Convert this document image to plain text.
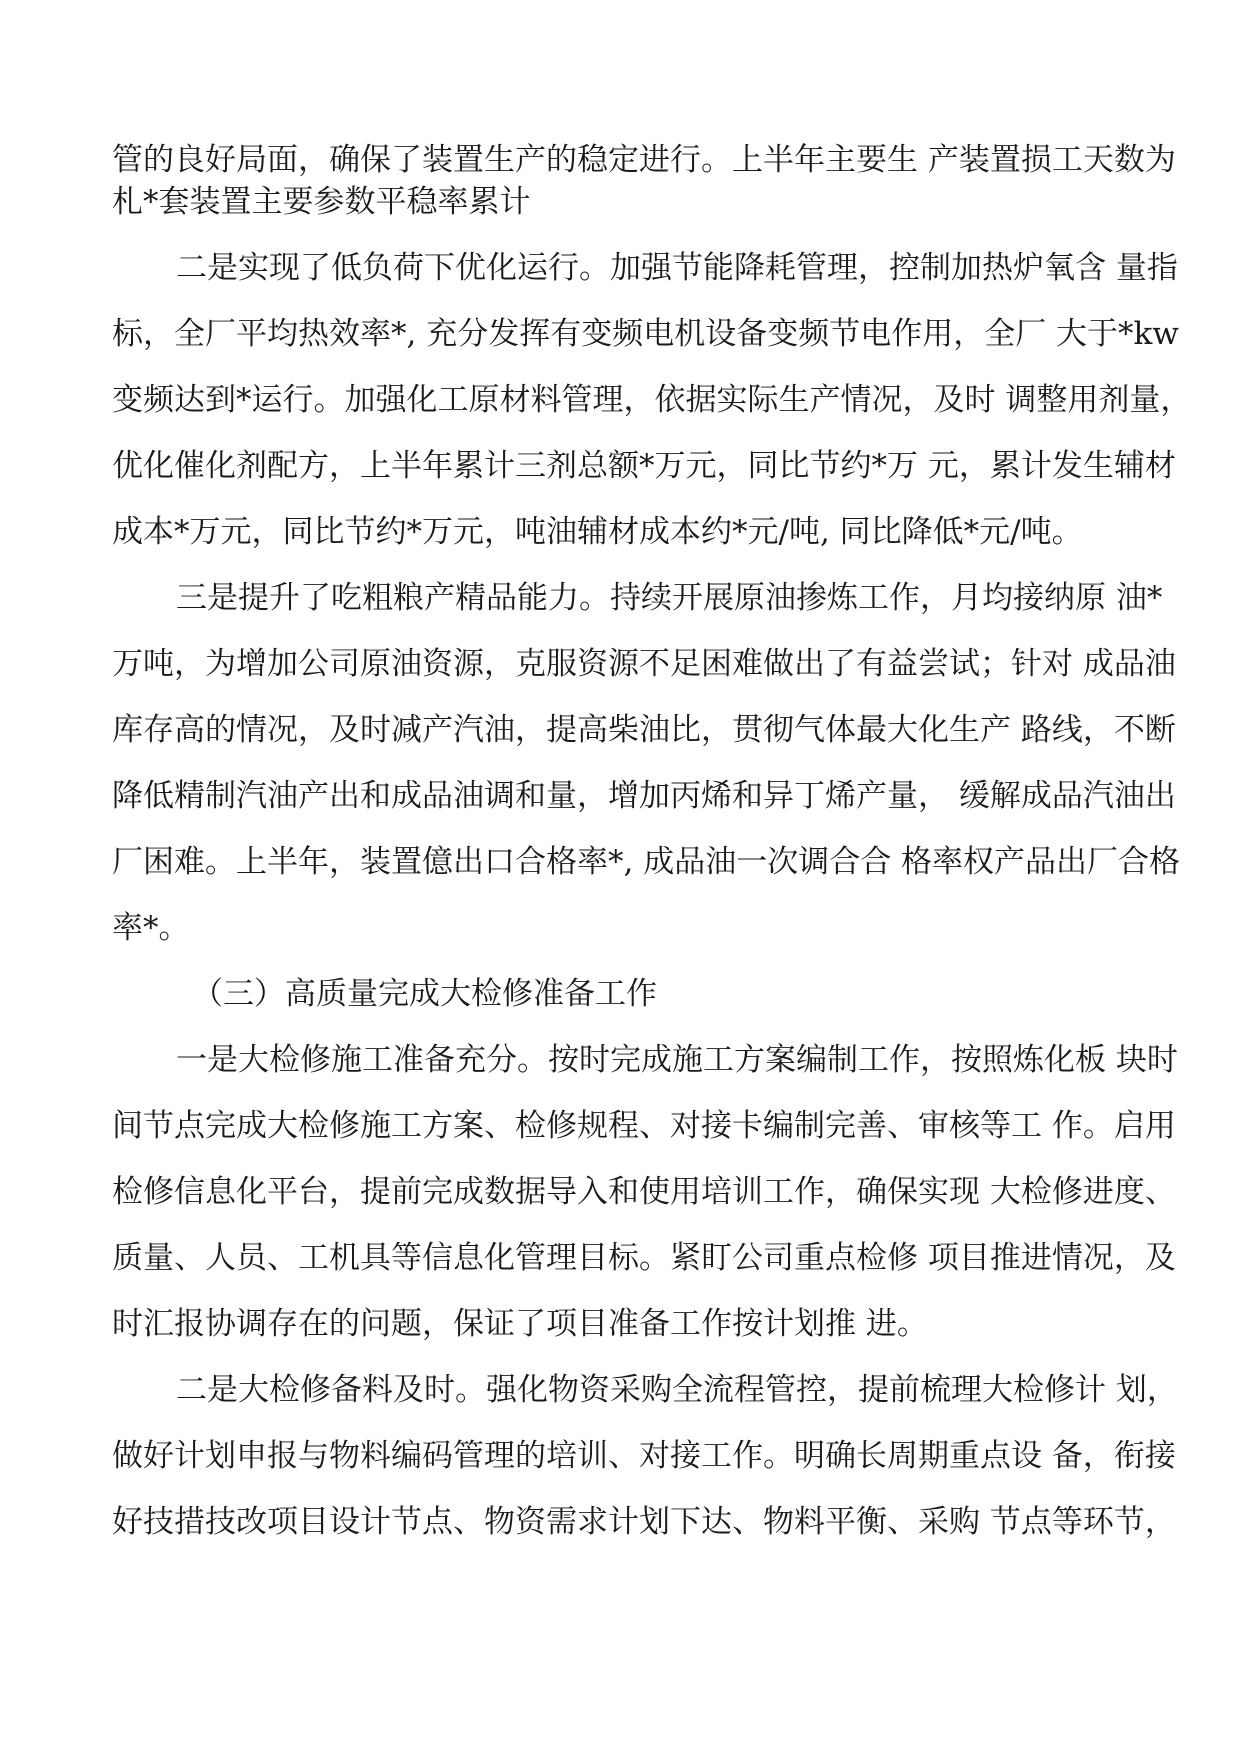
管的良好局面，确保了装置生产的稳定进行。上半年主要生 产装置损工天数为
札*套装置主要参数平稳率累计
二是实现了低负荷下优化运行。加强节能降耗管理，控制加热炉氧含 量指
标，全厂平均热效率*, 充分发挥有变频电机设备变频节电作用，全厂 大于*kw
变频达到*运行。加强化工原材料管理，依据实际生产情况，及时 调整用剂量，
优化催化剂配方，上半年累计三剂总额*万元，同比节约*万 元，累计发生辅材
成本*万元，同比节约*万元，吨油辅材成本约*元/吨, 同比降低*元/吨。
三是提升了吃粗粮产精品能力。持续开展原油掺炼工作，月均接纳原 油*
万吨，为增加公司原油资源，克服资源不足困难做出了有益尝试；针对 成品油
库存高的情况，及时减产汽油，提高柴油比，贯彻气体最大化生产 路线，不断
降低精制汽油产出和成品油调和量，增加丙烯和异丁烯产量， 缓解成品汽油出
厂困难。上半年，装置億出口合格率*, 成品油一次调合合 格率权产品出厂合格
率*。
（三）高质量完成大检修准备工作
一是大检修施工准备充分。按时完成施工方案编制工作，按照炼化板 块时
间节点完成大检修施工方案、检修规程、对接卡编制完善、审核等工 作。启用
检修信息化平台，提前完成数据导入和使用培训工作，确保实现 大检修进度、
质量、人员、工机具等信息化管理目标。紧盯公司重点检修 项目推进情况，及
时汇报协调存在的问题，保证了项目准备工作按计划推 进。
二是大检修备料及时。强化物资采购全流程管控，提前梳理大检修计 划，
做好计划申报与物料编码管理的培训、对接工作。明确长周期重点设 备，衔接
好技措技改项目设计节点、物资需求计划下达、物料平衡、采购 节点等环节，
